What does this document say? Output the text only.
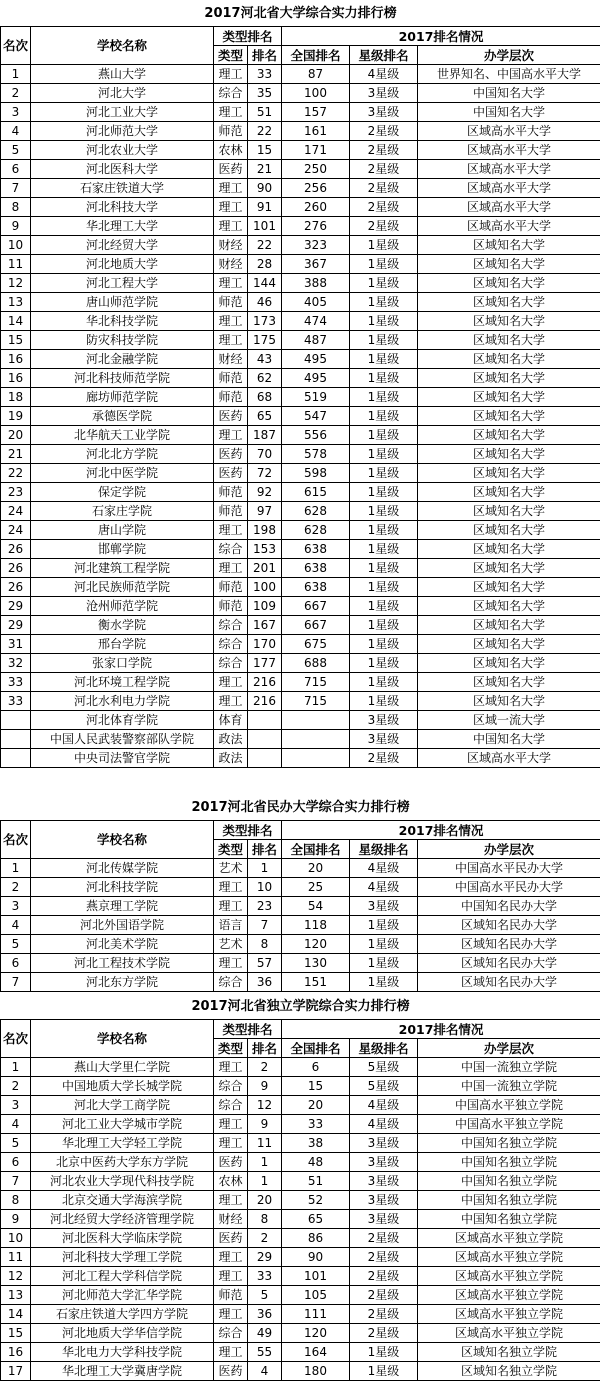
2017河北省大学综合实力排行榜						
名次	学校名称	类型排名		2017排名情况		
		类型	排名	全国排名	星级排名	办学层次
1	燕山大学	理工	33	87	4星级	世界知名、中国高水平大学
2	河北大学	综合	35	100	3星级	中国知名大学
3	河北工业大学	理工	51	157	3星级	中国知名大学
4	河北师范大学	师范	22	161	2星级	区域高水平大学
5	河北农业大学	农林	15	171	2星级	区域高水平大学
6	河北医科大学	医药	21	250	2星级	区域高水平大学
7	石家庄铁道大学	理工	90	256	2星级	区域高水平大学
8	河北科技大学	理工	91	260	2星级	区域高水平大学
9	华北理工大学	理工	101	276	2星级	区域高水平大学
10	河北经贸大学	财经	22	323	1星级	区域知名大学
11	河北地质大学	财经	28	367	1星级	区域知名大学
12	河北工程大学	理工	144	388	1星级	区域知名大学
13	唐山师范学院	师范	46	405	1星级	区域知名大学
14	华北科技学院	理工	173	474	1星级	区域知名大学
15	防灾科技学院	理工	175	487	1星级	区域知名大学
16	河北金融学院	财经	43	495	1星级	区域知名大学
16	河北科技师范学院	师范	62	495	1星级	区域知名大学
18	廊坊师范学院	师范	68	519	1星级	区域知名大学
19	承德医学院	医药	65	547	1星级	区域知名大学
20	北华航天工业学院	理工	187	556	1星级	区域知名大学
21	河北北方学院	医药	70	578	1星级	区域知名大学
22	河北中医学院	医药	72	598	1星级	区域知名大学
23	保定学院	师范	92	615	1星级	区域知名大学
24	石家庄学院	师范	97	628	1星级	区域知名大学
24	唐山学院	理工	198	628	1星级	区域知名大学
26	邯郸学院	综合	153	638	1星级	区域知名大学
26	河北建筑工程学院	理工	201	638	1星级	区域知名大学
26	河北民族师范学院	师范	100	638	1星级	区域知名大学
29	沧州师范学院	师范	109	667	1星级	区域知名大学
29	衡水学院	综合	167	667	1星级	区域知名大学
31	邢台学院	综合	170	675	1星级	区域知名大学
32	张家口学院	综合	177	688	1星级	区域知名大学
33	河北环境工程学院	理工	216	715	1星级	区域知名大学
33	河北水利电力学院	理工	216	715	1星级	区域知名大学
	河北体育学院	体育			3星级	区域一流大学
	中国人民武装警察部队学院	政法			3星级	中国知名大学
	中央司法警官学院	政法			2星级	区域高水平大学
2017河北省民办大学综合实力排行榜						
名次	学校名称	类型排名		2017排名情况		
		类型	排名	全国排名	星级排名	办学层次
1	河北传媒学院	艺术	1	20	4星级	中国高水平民办大学
2	河北科技学院	理工	10	25	4星级	中国高水平民办大学
3	燕京理工学院	理工	23	54	3星级	中国知名民办大学
4	河北外国语学院	语言	7	118	1星级	区域知名民办大学
5	河北美术学院	艺术	8	120	1星级	区域知名民办大学
6	河北工程技术学院	理工	57	130	1星级	区域知名民办大学
7	河北东方学院	综合	36	151	1星级	区域知名民办大学
2017河北省独立学院综合实力排行榜						
名次	学校名称	类型排名		2017排名情况		
		类型	排名	全国排名	星级排名	办学层次
1	燕山大学里仁学院	理工	2	6	5星级	中国一流独立学院
2	中国地质大学长城学院	综合	9	15	5星级	中国一流独立学院
3	河北大学工商学院	综合	12	20	4星级	中国高水平独立学院
4	河北工业大学城市学院	理工	9	33	4星级	中国高水平独立学院
5	华北理工大学轻工学院	理工	11	38	3星级	中国知名独立学院
6	北京中医药大学东方学院	医药	1	48	3星级	中国知名独立学院
7	河北农业大学现代科技学院	农林	1	51	3星级	中国知名独立学院
8	北京交通大学海滨学院	理工	20	52	3星级	中国知名独立学院
9	河北经贸大学经济管理学院	财经	8	65	3星级	中国知名独立学院
10	河北医科大学临床学院	医药	2	86	2星级	区域高水平独立学院
11	河北科技大学理工学院	理工	29	90	2星级	区域高水平独立学院
12	河北工程大学科信学院	理工	33	101	2星级	区域高水平独立学院
13	河北师范大学汇华学院	师范	5	105	2星级	区域高水平独立学院
14	石家庄铁道大学四方学院	理工	36	111	2星级	区域高水平独立学院
15	河北地质大学华信学院	综合	49	120	2星级	区域高水平独立学院
16	华北电力大学科技学院	理工	55	164	1星级	区域知名独立学院
17	华北理工大学冀唐学院	医药	4	180	1星级	区域知名独立学院
